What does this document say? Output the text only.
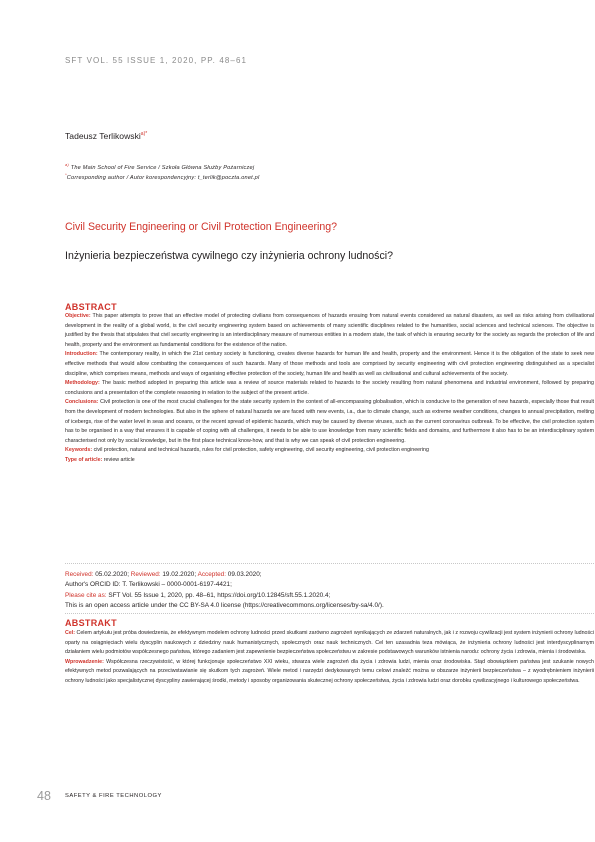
SFT VOL. 55 ISSUE 1, 2020, PP. 48–61
Tadeusz Terlikowski$^{a)*}$
$^{a)}$ The Main School of Fire Service / Szkoła Główna Służby Pożarniczej
*Corresponding author / Autor korespondencyjny: t_terlik@poczta.onet.pl
Civil Security Engineering or Civil Protection Engineering?
Inżynieria bezpieczeństwa cywilnego czy inżynieria ochrony ludności?
ABSTRACT

Objective: This paper attempts to prove that an effective model of protecting civilians from consequences of hazards ensuing from natural events considered as natural disasters, as well as risks arising from civilisational development in the reality of a global world, is the civil security engineering system based on achievements of many scientific disciplines related to the humanities, social sciences and technical sciences. The objective is justified by the thesis that stipulates that civil security engineering is an interdisciplinary measure of numerous entities in a modern state, the task of which is ensuring security for the society as regards the protection of life and health, property and the environment as fundamental conditions for the existence of the nation.

Introduction: The contemporary reality, in which the 21st century society is functioning, creates diverse hazards for human life and health, property and the environment. Hence it is the obligation of the state to seek new effective methods that would allow combatting the consequences of such hazards. Many of those methods and tools are comprised by security engineering with civil protection engineering distinguished as a specialist discipline, which comprises means, methods and ways of organising effective protection of the society, human life and health as well as civilisational and cultural achievements of the society.

Methodology: The basic method adopted in preparing this article was a review of source materials related to hazards to the society resulting from natural phenomena and industrial environment, followed by preparing conclusions and a presentation of the complete reasoning in relation to the subject of the present article.

Conclusions: Civil protection is one of the most crucial challenges for the state security system in the context of all-encompassing globalisation, which is conducive to the generation of new hazards, especially those that result from the development of modern technologies. But also in the sphere of natural hazards we are faced with new events, i.a., due to climate change, such as extreme weather conditions, changes to annual precipitation, melting of icebergs, rise of the water level in seas and oceans, or the recent spread of epidemic hazards, which may be caused by diverse viruses, such as the current coronavirus outbreak. To be effective, the civil protection system has to be organised in a way that ensures it is capable of coping with all challenges, it needs to be able to use knowledge from many scientific fields and domains, and furthermore it also has to be an interdisciplinary system characterised not only by social knowledge, but in the first place technical know-how, and that is why we can speak of civil protection engineering.

Keywords: civil protection, natural and technical hazards, rules for civil protection, safety engineering, civil security engineering, civil protection engineering

Type of article: review article

Received: 05.02.2020; Reviewed: 19.02.2020; Accepted: 09.03.2020;
Author's ORCID ID: T. Terlikowski – 0000-0001-6197-4421;
Please cite as: SFT Vol. 55 Issue 1, 2020, pp. 48–61, https://doi.org/10.12845/sft.55.1.2020.4;
This is an open access article under the CC BY-SA 4.0 license (https://creativecommons.org/licenses/by-sa/4.0/).
ABSTRAKT

Cel: Celem artykułu jest próba dowiedzenia, że efektywnym modelem ochrony ludności przed skutkami zarówno zagrożeń wynikających ze zdarzeń naturalnych, jak i z rozwoju cywilizacji jest system inżynierii ochrony ludności oparty na osiągnięciach wielu dyscyplin naukowych z dziedziny nauk humanistycznych, społecznych oraz nauk technicznych. Cel ten uzasadnia teza mówiąca, że inżynieria ochrony ludności jest interdyscyplinarnym działaniem wielu podmiotów współczesnego państwa, którego zadaniem jest zapewnienie bezpieczeństwa społeczeństwu w zakresie podstawowych warunków istnienia narodu: ochrony życia i zdrowia, mienia i środowiska.

Wprowadzenie: Współczesna rzeczywistość, w której funkcjonuje społeczeństwo XXI wieku, stwarza wiele zagrożeń dla życia i zdrowia ludzi, mienia oraz środowiska. Stąd obowiązkiem państwa jest szukanie nowych efektywnych metod pozwalających na przeciwstawianie się skutkom tych zagrożeń. Wiele metod i narzędzi dedykowanych temu celowi znaleźć można w obszarze inżynierii bezpieczeństwa – z wyodrębnieniem inżynierii ochrony ludności jako specjalistycznej dyscypliny zawierającej środki, metody i sposoby organizowania skutecznej ochrony społeczeństwa, życia i zdrowia ludzi oraz dorobku cywilizacyjnego i kulturowego społeczeństwa.

48 SAFETY & FIRE TECHNOLOGY
